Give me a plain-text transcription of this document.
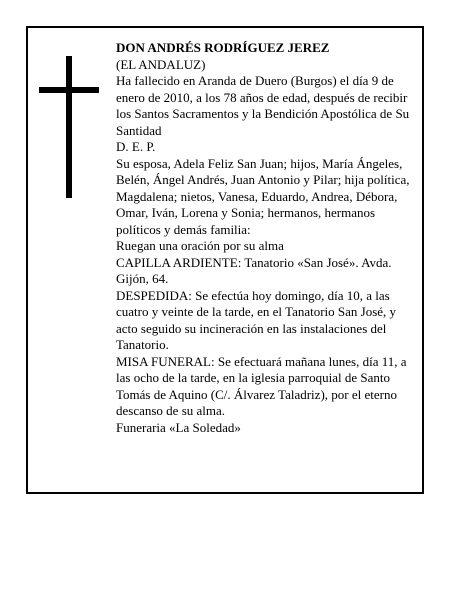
DON ANDRÉS RODRÍGUEZ JEREZ

(EL ANDALUZ)

Ha fallecido en Aranda de Duero (Burgos) el día 9 de enero de 2010, a los 78 años de edad, después de recibir los Santos Sacramentos y la Bendición Apostólica de Su Santidad

D. E. P.

Su esposa, Adela Feliz San Juan; hijos, María Ángeles, Belén, Ángel Andrés, Juan Antonio y Pilar; hija política, Magdalena; nietos, Vanesa, Eduardo, Andrea, Débora, Omar, Iván, Lorena y Sonia; hermanos, hermanos políticos y demás familia:

Ruegan una oración por su alma

CAPILLA ARDIENTE: Tanatorio «San José». Avda. Gijón, 64.

DESPEDIDA: Se efectúa hoy domingo, día 10, a las cuatro y veinte de la tarde, en el Tanatorio San José, y acto seguido su incineración en las instalaciones del Tanatorio.

MISA FUNERAL: Se efectuará mañana lunes, día 11, a las ocho de la tarde, en la iglesia parroquial de Santo Tomás de Aquino (C/. Álvarez Taladriz), por el eterno descanso de su alma.

Funeraria «La Soledad»
